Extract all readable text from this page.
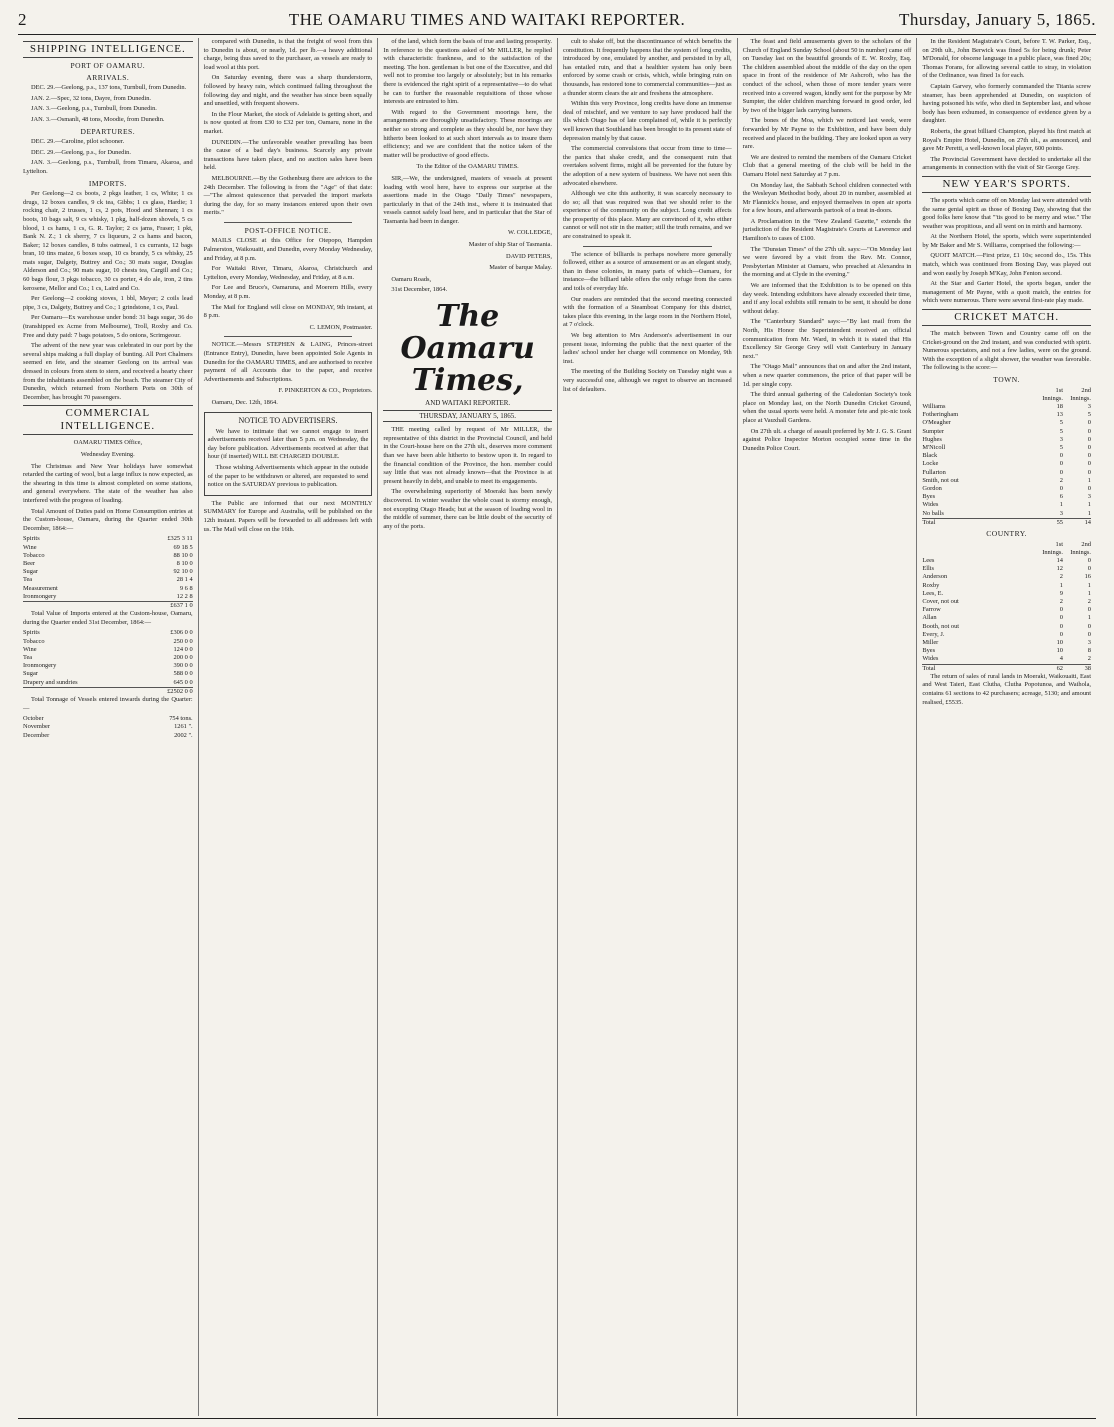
2	THE OAMARU TIMES AND WAITAKI REPORTER.	Thursday, January 5, 1865.
SHIPPING INTELLIGENCE.
PORT OF OAMARU.
ARRIVALS.

DEC. 29.—Geelong, p.s., 137 tons, Turnbull, from Dunedin.

JAN. 2.—Spec, 32 tons, Dayre, from Dunedin.

JAN. 3.—Geelong, p.s., Turnbull, from Dunedin.

JAN. 3.—Osmanli, 48 tons, Moodie, from Dunedin.

DEPARTURES.

DEC. 29.—Caroline, pilot schooner.

DEC. 29.—Geelong, p.s., for Dunedin.

JAN. 3.—Geelong, p.s., Turnbull, from Timaru, Akaroa, and Lyttelton.

IMPORTS.

Per Geelong—2 cs boots, 2 pkgs leather, 1 cs, White; 1 cs drugs, 12 boxes candles, 9 ck tea, Gibbs; 1 cs glass, Hardie; 1 rocking chair, 2 trusses, 1 cs, 2 pots, Hood and Shennan; 1 cs boots, 10 bags salt, 9 cs whisky, 1 pkg, half-dozen shovels, 5 cs blood, 1 cs hams, 1 cs, G. R. Taylor; 2 cs jams, Fraser; 1 pkt, Bank N. Z.; 1 ck sherry, 7 cs liqueurs, 2 cs hams and bacon, Baker; 12 boxes candles, 8 tubs oatmeal, 1 cs currants, 12 bags bran, 10 tins maize, 6 boxes soap, 10 cs brandy, 5 cs whisky, 25 mats sugar, Dalgety, Buttrey and Co.; 30 mats sugar, Douglas Alderson and Co.; 90 mats sugar, 10 chests tea, Cargill and Co.; 60 bags flour, 3 pkgs tobacco, 30 cs porter, 4 do ale, iron, 2 tins kerosene, Mellor and Co.; 1 cs, Laird and Co.

Per Geelong—2 cooking stoves, 1 bbl, Meyer; 2 coils lead pipe, 3 cs, Dalgety, Buttrey and Co.; 1 grindstone, 1 cs, Paul.

Per Oamaru—Ex warehouse under bond: 31 bags sugar, 36 do (transhipped ex Acme from Melbourne), Troll, Roxby and Co. Free and duty paid: 7 bags potatoes, 5 do onions, Scrimgeour.

The advent of the new year was celebrated in our port by the several ships making a full display of bunting. All Port Chalmers seemed en fete, and the steamer Geelong on its arrival was dressed in colours from stem to stern, and received a hearty cheer from the inhabitants assembled on the beach. The steamer City of Dunedin, which returned from Northern Ports on 30th of December, has brought 70 passengers.

COMMERCIAL INTELLIGENCE.

OAMARU TIMES Office,

Wednesday Evening.

The Christmas and New Year holidays have somewhat retarded the carting of wool, but a large influx is now expected, as the shearing in this time is almost completed on some stations, and general everywhere. The state of the weather has also interfered with the progress of loading.

Total Amount of Duties paid on Home Consumption entries at the Custom-house, Oamaru, during the Quarter ended 30th December, 1864:—

Spirits	£325 3 11
Wine	69 18 5
Tobacco	88 10 0
Beer	8 10 0
Sugar	92 10 0
Tea	28 1 4
Measurement	9 6 8
Ironmongery	12 2 8
	£637 1 0

Total Value of Imports entered at the Custom-house, Oamaru, during the Quarter ended 31st December, 1864:—

Spirits	£306 0 0
Tobacco	250 0 0
Wine	124 0 0
Tea	200 0 0
Ironmongery	390 0 0
Sugar	588 0 0
Drapery and sundries	645 0 0
	£2502 0 0

Total Tonnage of Vessels entered inwards during the Quarter:—

October	754 tons.
November	1261 ".
December	2002 ".

compared with Dunedin, is that the freight of wool from this to Dunedin is about, or nearly, 1d. per lb.—a heavy additional charge, being thus saved to the purchaser, as vessels are ready to load wool at this port.

On Saturday evening, there was a sharp thunderstorm, followed by heavy rain, which continued falling throughout the following day and night, and the weather has since been squally and unsettled, with frequent showers.

In the Flour Market, the stock of Adelaide is getting short, and is now quoted at from £30 to £32 per ton, Oamaru, none in the market.

DUNEDIN.—The unfavorable weather prevailing has been the cause of a bad day's business. Scarcely any private transactions have taken place, and no auction sales have been held.

MELBOURNE.—By the Gothenburg there are advices to the 24th December. The following is from the "Age" of that date:—"The almost quiescence that pervaded the import markets during the day, for so many instances entered upon their own merits."

POST-OFFICE NOTICE.

MAILS CLOSE at this Office for Otepopo, Hampden Palmerston, Waikouaiti, and Dunedin, every Monday Wednesday, and Friday, at 8 p.m.

For Waitaki River, Timaru, Akaroa, Christchurch and Lyttelton, every Monday, Wednesday, and Friday, at 8 a.m.

For Lee and Bruce's, Oamaruna, and Moerern Hills, every Monday, at 8 p.m.

The Mail for England will close on MONDAY, 9th instant, at 8 p.m.

C. LEMON, Postmaster.

NOTICE.—Messrs STEPHEN & LAING, Princes-street (Entrance Entry), Dunedin, have been appointed Sole Agents in Dunedin for the OAMARU TIMES, and are authorised to receive payment of all Accounts due to the paper, and receive Advertisements and Subscriptions.

F. PINKERTON & CO., Proprietors.

Oamaru, Dec. 12th, 1864.

NOTICE TO ADVERTISERS.

We have to intimate that we cannot engage to insert advertisements received later than 5 p.m. on Wednesday, the day before publication. Advertisements received at after that hour (if inserted) WILL BE CHARGED DOUBLE.

Those wishing Advertisements which appear in the outside of the paper to be withdrawn or altered, are requested to send notice on the SATURDAY previous to publication.

The Public are informed that our next MONTHLY SUMMARY for Europe and Australia, will be published on the 12th instant. Papers will be forwarded to all addresses left with us. The Mail will close on the 16th.

of the land, which form the basis of true and lasting prosperity. In reference to the questions asked of Mr MILLER, he replied with characteristic frankness, and to the satisfaction of the meeting. The hon. gentleman is but one of the Executive, and did well not to promise too largely or absolutely; but in his remarks there is evidenced the right spirit of a representative—to do what he can to further the reasonable requisitions of those whose interests are entrusted to him.

With regard to the Government moorings here, the arrangements are thoroughly unsatisfactory. These moorings are neither so strong and complete as they should be, nor have they hitherto been looked to at such short intervals as to insure them efficiency; and we are confident that the notice taken of the matter will be productive of good effects.

To the Editor of the OAMARU TIMES.

SIR,—We, the undersigned, masters of vessels at present loading with wool here, have to express our surprise at the assertions made in the Otago "Daily Times" newspapers, particularly in that of the 24th inst., where it is insinuated that vessels cannot safely load here, and in particular that the Star of Tasmania had been in danger.

W. COLLEDGE,

Master of ship Star of Tasmania.

DAVID PETERS,

Master of barque Malay.

Oamaru Roads,

31st December, 1864.

The Oamaru Times,
AND WAITAKI REPORTER.
THURSDAY, JANUARY 5, 1865.

THE meeting called by request of Mr MILLER, the representative of this district in the Provincial Council, and held in the Court-house here on the 27th ult., deserves more comment than we have been able hitherto to bestow upon it. In regard to the financial condition of the Province, the hon. member could say little that was not already known—that the Province is at present heavily in debt, and unable to meet its engagements.

The overwhelming superiority of Moeraki has been newly discovered. In winter weather the whole coast is stormy enough, not excepting Otago Heads; but at the season of loading wool in the middle of summer, there can be little doubt of the security of any of the ports.

cult to shake off, but the discontinuance of which benefits the constitution. It frequently happens that the system of long credits, introduced by one, emulated by another, and persisted in by all, has entailed ruin, and that a healthier system has only been enforced by some crash or crisis, which, while bringing ruin on thousands, has restored tone to commercial communities—just as a thunder storm clears the air and freshens the atmosphere.

Within this very Province, long credits have done an immense deal of mischief, and we venture to say have produced half the ills which Otago has of late complained of, while it is perfectly well known that Southland has been brought to its present state of depression mainly by that cause.

The commercial convulsions that occur from time to time—the panics that shake credit, and the consequent ruin that overtakes solvent firms, might all be prevented for the future by the adoption of a new system of business. We have not seen this advocated elsewhere.

Although we cite this authority, it was scarcely necessary to do so; all that was required was that we should refer to the experience of the community on the subject. Long credit affects the prosperity of this place. Many are convinced of it, who either cannot or will not stir in the matter; still the truth remains, and we are constrained to speak it.

The science of billiards is perhaps nowhere more generally followed, either as a source of amusement or as an elegant study, than in these colonies, in many parts of which—Oamaru, for instance—the billiard table offers the only refuge from the cares and toils of everyday life.

Our readers are reminded that the second meeting connected with the formation of a Steamboat Company for this district, takes place this evening, in the large room in the Northern Hotel, at 7 o'clock.

We beg attention to Mrs Anderson's advertisement in our present issue, informing the public that the next quarter of the ladies' school under her charge will commence on Monday, 9th inst.

The meeting of the Building Society on Tuesday night was a very successful one, although we regret to observe an increased list of defaulters.

The feast and field amusements given to the scholars of the Church of England Sunday School (about 50 in number) came off on Tuesday last on the beautiful grounds of E. W. Roxby, Esq. The children assembled about the middle of the day on the open space in front of the residence of Mr Ashcroft, who has the conduct of the school, when those of more tender years were received into a covered wagon, kindly sent for the purpose by Mr Sumpter, the older children marching forward in good order, led by two of the bigger lads carrying banners.

The bones of the Moa, which we noticed last week, were forwarded by Mr Payne to the Exhibition, and have been duly received and placed in the building. They are looked upon as very rare.

We are desired to remind the members of the Oamaru Cricket Club that a general meeting of the club will be held in the Oamaru Hotel next Saturday at 7 p.m.

On Monday last, the Sabbath School children connected with the Wesleyan Methodist body, about 20 in number, assembled at Mr Flannick's house, and enjoyed themselves in open air sports for a few hours, and afterwards partook of a treat in-doors.

A Proclamation in the "New Zealand Gazette," extends the jurisdiction of the Resident Magistrate's Courts at Lawrence and Hamilton's to cases of £100.

The "Dunstan Times" of the 27th ult. says:—"On Monday last we were favored by a visit from the Rev. Mr. Connor, Presbyterian Minister at Oamaru, who preached at Alexandra in the morning and at Clyde in the evening."

We are informed that the Exhibition is to be opened on this day week. Intending exhibitors have already exceeded their time, and if any local exhibits still remain to be sent, it should be done without delay.

The "Canterbury Standard" says:—"By last mail from the North, His Honor the Superintendent received an official communication from Mr. Ward, in which it is stated that His Excellency Sir George Grey will visit Canterbury in January next."

The "Otago Mail" announces that on and after the 2nd instant, when a new quarter commences, the price of that paper will be 1d. per single copy.

The third annual gathering of the Caledonian Society's took place on Monday last, on the North Dunedin Cricket Ground, when the usual sports were held. A monster fete and pic-nic took place at Vauxhall Gardens.

On 27th ult. a charge of assault preferred by Mr J. G. S. Grant against Police Inspector Morton occupied some time in the Dunedin Police Court.

In the Resident Magistrate's Court, before T. W. Parker, Esq., on 29th ult., John Berwick was fined 5s for being drunk; Peter M'Donald, for obscene language in a public place, was fined 20s; Thomas Forans, for allowing several cattle to stray, in violation of the Ordinance, was fined 1s for each.

Captain Garvey, who formerly commanded the Titania screw steamer, has been apprehended at Dunedin, on suspicion of having poisoned his wife, who died in September last, and whose body has been exhumed, in consequence of evidence given by a daughter.

Roberts, the great billiard Champion, played his first match at Royal's Empire Hotel, Dunedin, on 27th ult., as announced, and gave Mr Peretti, a well-known local player, 600 points.

The Provincial Government have decided to undertake all the arrangements in connection with the visit of Sir George Grey.

NEW YEAR'S SPORTS.

The sports which came off on Monday last were attended with the same genial spirit as those of Boxing Day, showing that the good folks here know that "'tis good to be merry and wise." The weather was propitious, and all went on in mirth and harmony.

At the Northern Hotel, the sports, which were superintended by Mr Baker and Mr S. Williams, comprised the following:—

QUOIT MATCH.—First prize, £1 10s; second do., 15s. This match, which was continued from Boxing Day, was played out and won easily by Joseph M'Kay, John Fenton second.

At the Star and Garter Hotel, the sports began, under the management of Mr Payne, with a quoit match, the entries for which were numerous. There were several first-rate play made.

CRICKET MATCH.

The match between Town and Country came off on the Cricket-ground on the 2nd instant, and was conducted with spirit. Numerous spectators, and not a few ladies, were on the ground. With the exception of a slight shower, the weather was favorable. The following is the score:—

TOWN.
	1st Innings.	2nd Innings.
Williams	18	3
Fotheringham	13	5
O'Meagher	5	0
Sumpter	5	0
Hughes	3	0
M'Nicoll	5	0
Black	0	0
Locke	0	0
Fullarton	0	0
Smith, not out	2	1
Gordon	0	0
Byes	6	3
Wides	1	1
No balls	3	1
Total	55	14
COUNTRY.
	1st Innings.	2nd Innings.
Lees	14	0
Ellis	12	0
Anderson	2	16
Roxby	1	1
Lees, E.	9	1
Cover, not out	2	2
Farrow	0	0
Allan	0	1
Booth, not out	0	0
Every, J.	0	0
Miller	10	3
Byes	10	8
Wides	4	2
Total	62	38

The return of sales of rural lands in Moeraki, Waikouaiti, East and West Taieri, East Clutha, Clutha Popotunoa, and Waihola, contains 61 sections to 42 purchasers; acreage, 5130; and amount realised, £5535.
